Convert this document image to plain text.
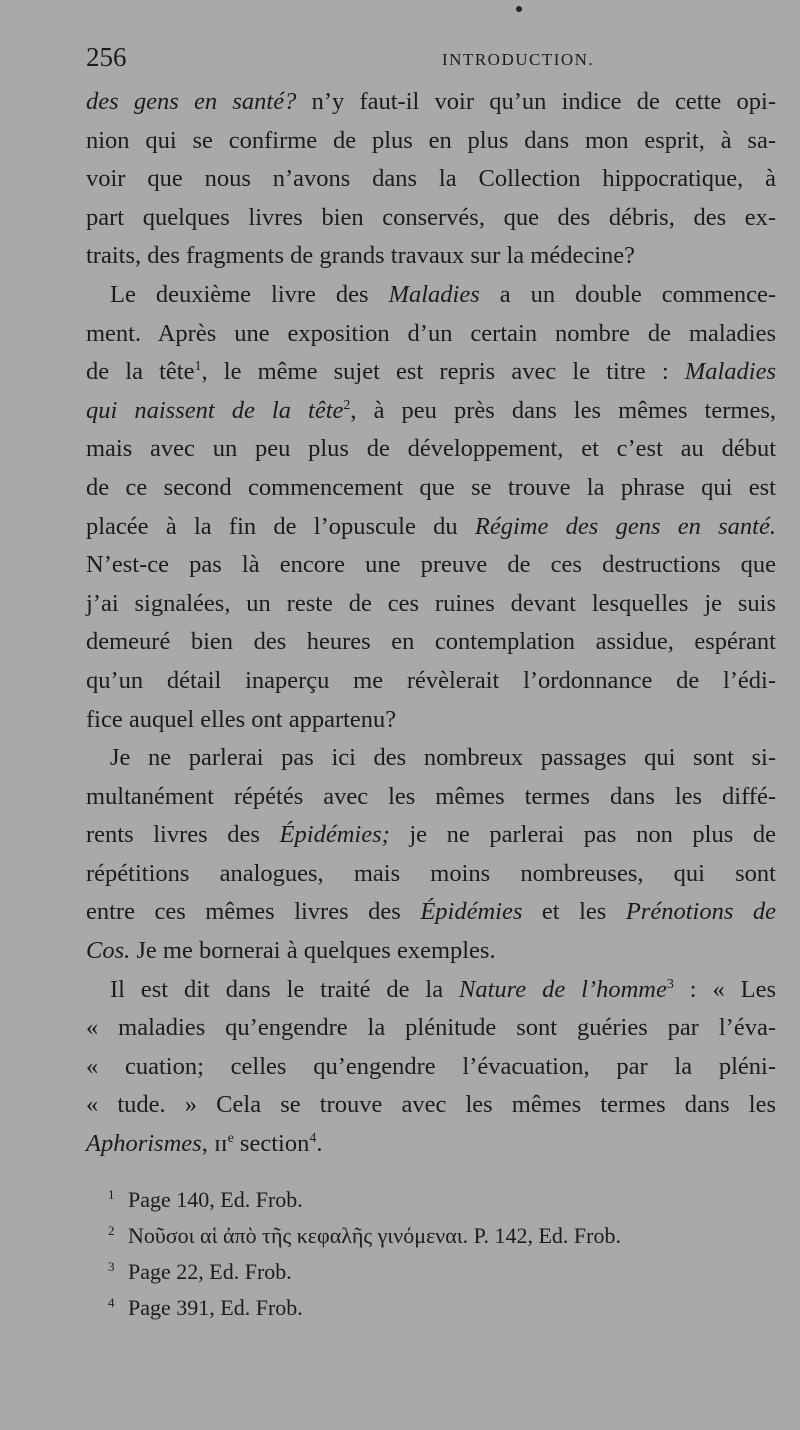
256	INTRODUCTION.
des gens en santé? n’y faut-il voir qu’un indice de cette opi-
nion qui se confirme de plus en plus dans mon esprit, à sa-
voir que nous n’avons dans la Collection hippocratique, à
part quelques livres bien conservés, que des débris, des ex-
traits, des fragments de grands travaux sur la médecine?
Le deuxième livre des Maladies a un double commence-
ment. Après une exposition d’un certain nombre de maladies
de la tête$^1$, le même sujet est repris avec le titre : Maladies
qui naissent de la tête$^2$, à peu près dans les mêmes termes,
mais avec un peu plus de développement, et c’est au début
de ce second commencement que se trouve la phrase qui est
placée à la fin de l’opuscule du Régime des gens en santé.
N’est-ce pas là encore une preuve de ces destructions que
j’ai signalées, un reste de ces ruines devant lesquelles je suis
demeuré bien des heures en contemplation assidue, espérant
qu’un détail inaperçu me révèlerait l’ordonnance de l’édi-
fice auquel elles ont appartenu?
Je ne parlerai pas ici des nombreux passages qui sont si-
multanément répétés avec les mêmes termes dans les diffé-
rents livres des Épidémies; je ne parlerai pas non plus de
répétitions analogues, mais moins nombreuses, qui sont
entre ces mêmes livres des Épidémies et les Prénotions de
Cos. Je me bornerai à quelques exemples.
Il est dit dans le traité de la Nature de l’homme$^3$ : « Les
« maladies qu’engendre la plénitude sont guéries par l’éva-
« cuation; celles qu’engendre l’évacuation, par la pléni-
« tude. » Cela se trouve avec les mêmes termes dans les
Aphorismes, ɪɪ$^e$ section$^4$.
1 Page 140, Ed. Frob.
2 Νοῦσοι αἱ ἀπὸ τῆς κεφαλῆς γινόμεναι. P. 142, Ed. Frob.
3 Page 22, Ed. Frob.
4 Page 391, Ed. Frob.
